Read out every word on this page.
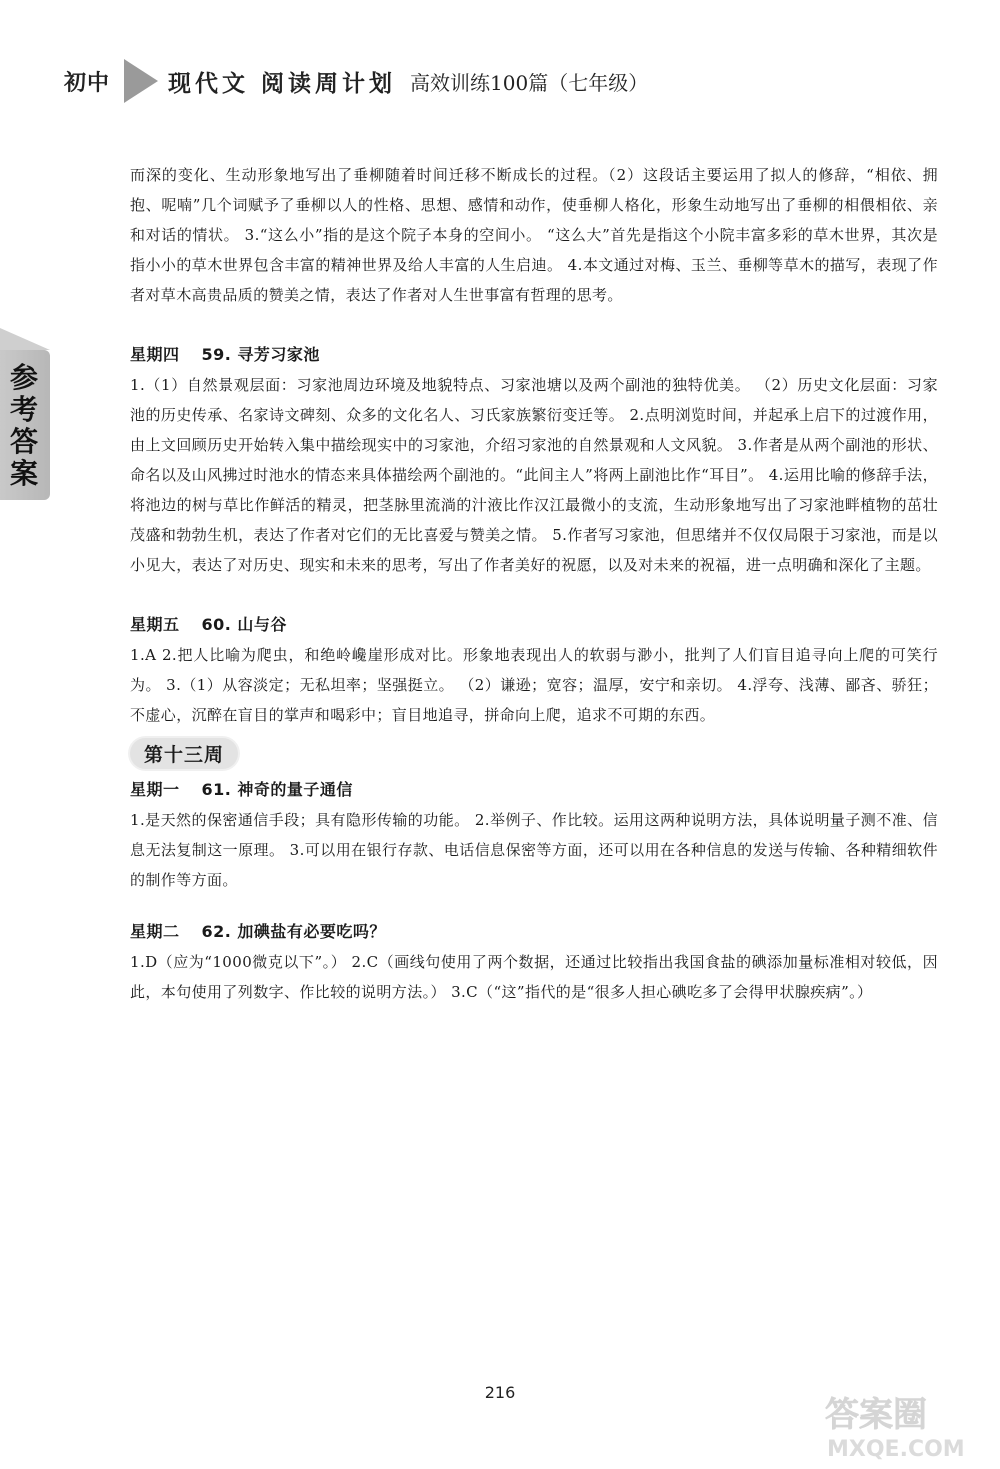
初中	现代文 阅读周计划 高效训练100篇（七年级）
参考答案

而深的变化、生动形象地写出了垂柳随着时间迁移不断成长的过程。（2）这段话主要运用了拟人的修辞，“相依、拥抱、呢喃”几个词赋予了垂柳以人的性格、思想、感情和动作，使垂柳人格化，形象生动地写出了垂柳的相偎相依、亲和对话的情状。 3.“这么小”指的是这个院子本身的空间小。 “这么大”首先是指这个小院丰富多彩的草木世界，其次是指小小的草木世界包含丰富的精神世界及给人丰富的人生启迪。 4.本文通过对梅、玉兰、垂柳等草木的描写，表现了作者对草木高贵品质的赞美之情，表达了作者对人生世事富有哲理的思考。

星期四 59. 寻芳习家池

1.（1）自然景观层面：习家池周边环境及地貌特点、习家池塘以及两个副池的独特优美。 （2）历史文化层面：习家池的历史传承、名家诗文碑刻、众多的文化名人、习氏家族繁衍变迁等。 2.点明浏览时间，并起承上启下的过渡作用，由上文回顾历史开始转入集中描绘现实中的习家池，介绍习家池的自然景观和人文风貌。 3.作者是从两个副池的形状、命名以及山风拂过时池水的情态来具体描绘两个副池的。“此间主人”将两上副池比作“耳目”。 4.运用比喻的修辞手法，将池边的树与草比作鲜活的精灵，把茎脉里流淌的汁液比作汉江最微小的支流，生动形象地写出了习家池畔植物的茁壮茂盛和勃勃生机，表达了作者对它们的无比喜爱与赞美之情。 5.作者写习家池，但思绪并不仅仅局限于习家池，而是以小见大，表达了对历史、现实和未来的思考，写出了作者美好的祝愿，以及对未来的祝福，进一点明确和深化了主题。

星期五 60. 山与谷

1.A 2.把人比喻为爬虫，和绝岭巉崖形成对比。形象地表现出人的软弱与渺小，批判了人们盲目追寻向上爬的可笑行为。 3.（1）从容淡定；无私坦率；坚强挺立。 （2）谦逊；宽容；温厚，安宁和亲切。 4.浮夸、浅薄、鄙吝、骄狂；不虚心，沉醉在盲目的掌声和喝彩中；盲目地追寻，拼命向上爬，追求不可期的东西。

第十三周

星期一 61. 神奇的量子通信

1.是天然的保密通信手段；具有隐形传输的功能。 2.举例子、作比较。运用这两种说明方法，具体说明量子测不准、信息无法复制这一原理。 3.可以用在银行存款、电话信息保密等方面，还可以用在各种信息的发送与传输、各种精细软件的制作等方面。

星期二 62. 加碘盐有必要吃吗？

1.D（应为“1000微克以下”。） 2.C（画线句使用了两个数据，还通过比较指出我国食盐的碘添加量标准相对较低，因此，本句使用了列数字、作比较的说明方法。） 3.C（“这”指代的是“很多人担心碘吃多了会得甲状腺疾病”。）

216
答案圈
MXQE.COM
